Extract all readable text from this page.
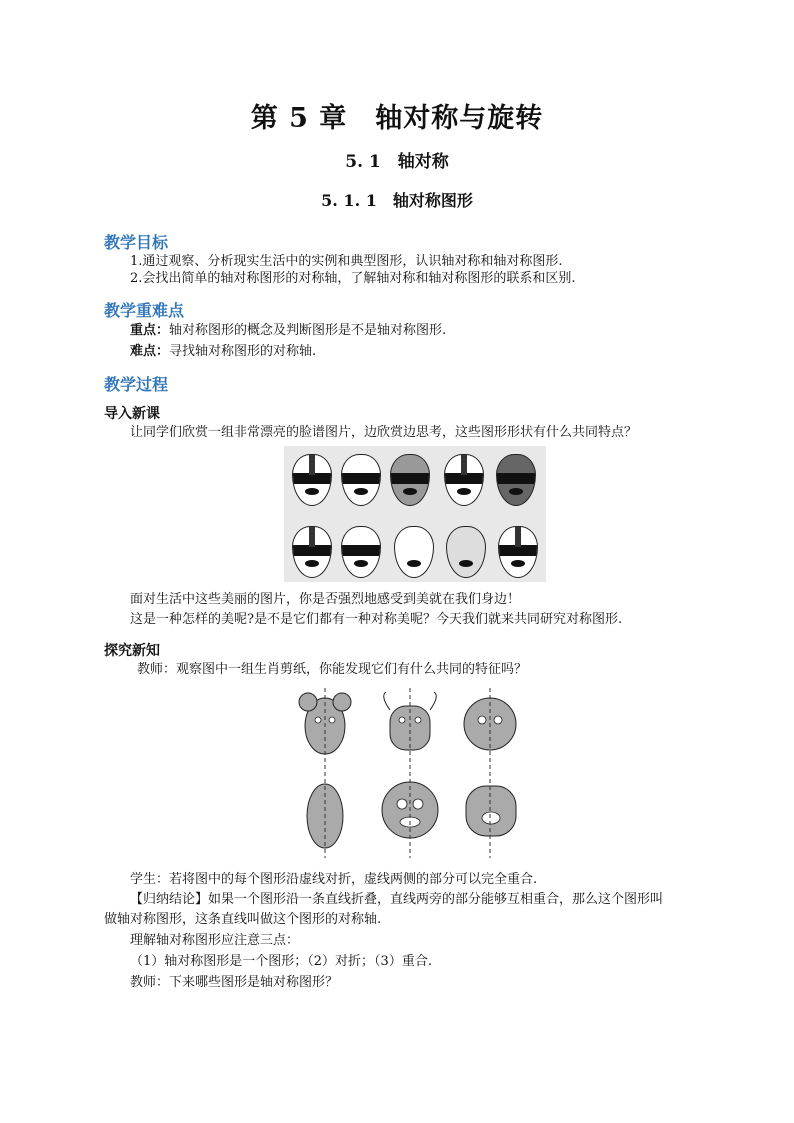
第 5 章　轴对称与旋转
5. 1　轴对称
5. 1. 1　轴对称图形
教学目标
1.通过观察、分析现实生活中的实例和典型图形，认识轴对称和轴对称图形.
2.会找出简单的轴对称图形的对称轴，了解轴对称和轴对称图形的联系和区别.
教学重难点
重点：轴对称图形的概念及判断图形是不是轴对称图形.
难点：寻找轴对称图形的对称轴.
教学过程
导入新课
让同学们欣赏一组非常漂亮的脸谱图片，边欣赏边思考，这些图形形状有什么共同特点？
面对生活中这些美丽的图片，你是否强烈地感受到美就在我们身边！
这是一种怎样的美呢?是不是它们都有一种对称美呢？今天我们就来共同研究对称图形.
探究新知
教师：观察图中一组生肖剪纸，你能发现它们有什么共同的特征吗？
学生：若将图中的每个图形沿虚线对折，虚线两侧的部分可以完全重合.
【归纳结论】如果一个图形沿一条直线折叠，直线两旁的部分能够互相重合，那么这个图形叫
做轴对称图形，这条直线叫做这个图形的对称轴.
理解轴对称图形应注意三点：
（1）轴对称图形是一个图形；（2）对折；（3）重合.
教师：下来哪些图形是轴对称图形？
